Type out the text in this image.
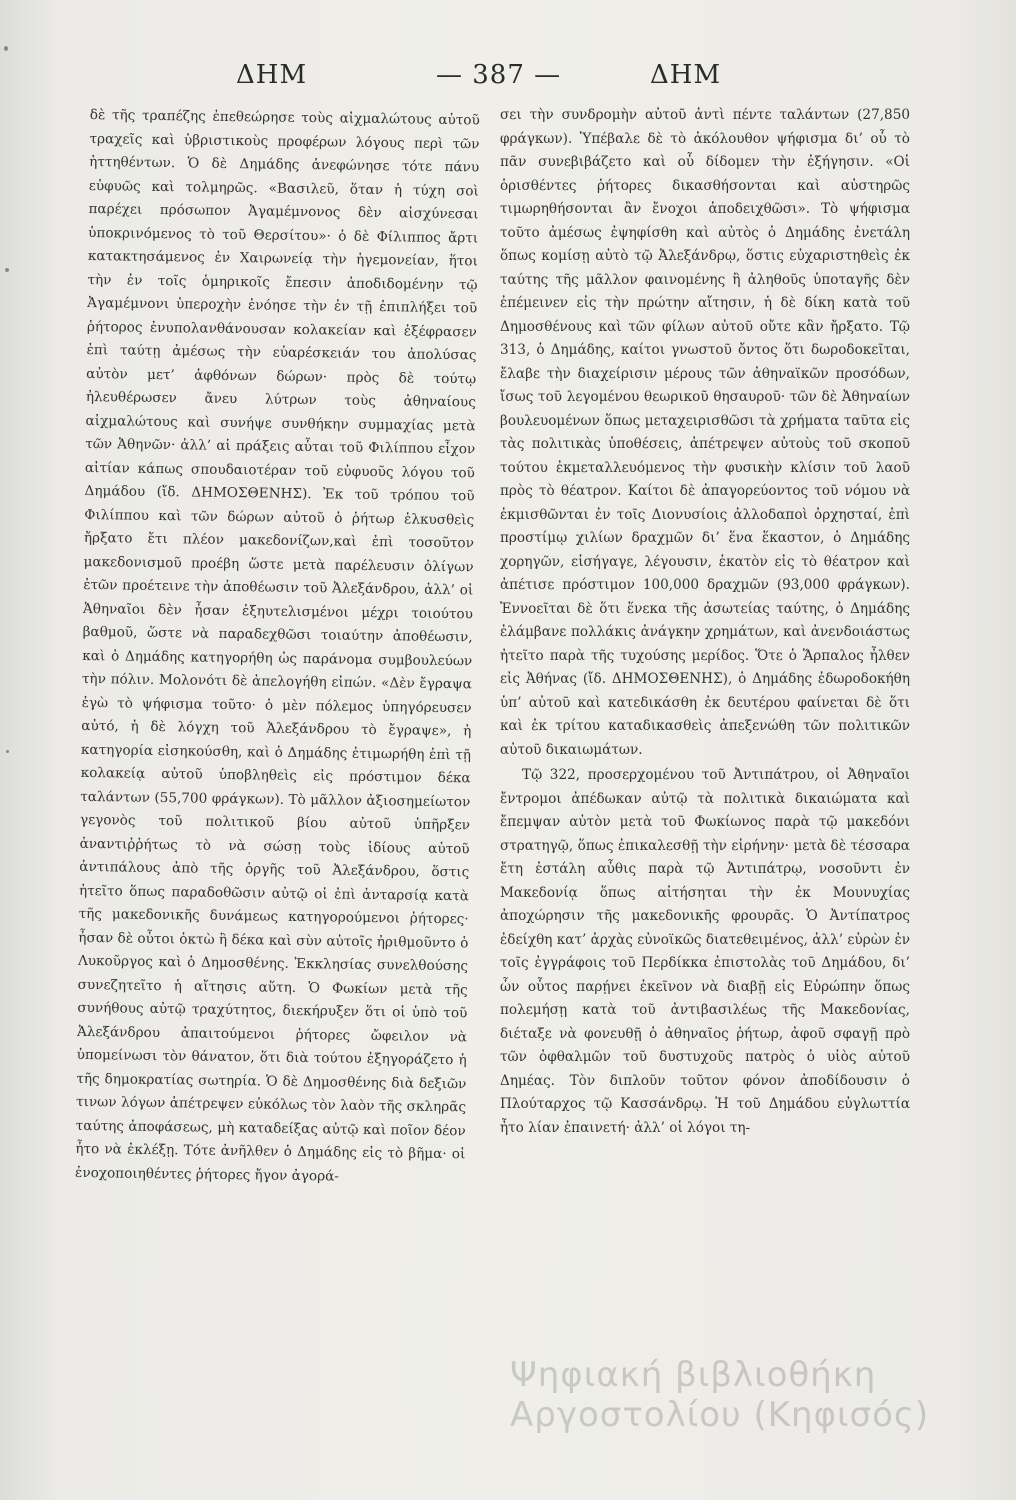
ΔΗΜ	— 387 —	ΔΗΜ

δὲ τῆς τραπέζης ἐπεθεώρησε τοὺς αἰχμαλώτους αὐτοῦ τραχεῖς καὶ ὑβριστικοὺς προφέρων λόγους περὶ τῶν ἡττηθέντων. Ὁ δὲ Δημάδης ἀνεφώνησε τότε πάνυ εὐφυῶς καὶ τολμηρῶς. «Βασιλεῦ, ὅταν ἡ τύχη σοὶ παρέχει πρόσωπον Ἀγαμέμνονος δὲν αἰσχύνεσαι ὑποκρινόμενος τὸ τοῦ Θερσίτου»· ὁ δὲ Φίλιππος ἄρτι κατακτησάμενος ἐν Χαιρωνείᾳ τὴν ἡγεμονείαν, ἥτοι τὴν ἐν τοῖς ὁμηρικοῖς ἔπεσιν ἀποδιδομένην τῷ Ἀγαμέμνονι ὑπεροχὴν ἐνόησε τὴν ἐν τῇ ἐπιπλήξει τοῦ ῥήτορος ἐνυπολανθάνουσαν κολακείαν καὶ ἐξέφρασεν ἐπὶ ταύτῃ ἀμέσως τὴν εὐαρέσκειάν του ἀπολύσας αὐτὸν μετ’ ἀφθόνων δώρων· πρὸς δὲ τούτῳ ἠλευθέρωσεν ἄνευ λύτρων τοὺς ἀθηναίους αἰχμαλώτους καὶ συνήψε συνθήκην συμμαχίας μετὰ τῶν Ἀθηνῶν· ἀλλ’ αἱ πράξεις αὗται τοῦ Φιλίππου εἶχον αἰτίαν κάπως σπουδαιοτέραν τοῦ εὐφυοῦς λόγου τοῦ Δημάδου (ἴδ. ΔΗΜΟΣΘΕΝΗΣ). Ἐκ τοῦ τρόπου τοῦ Φιλίππου καὶ τῶν δώρων αὐτοῦ ὁ ῥήτωρ ἑλκυσθεὶς ἤρξατο ἔτι πλέον μακεδονίζων,καὶ ἐπὶ τοσοῦτον μακεδονισμοῦ προέβη ὥστε μετὰ παρέλευσιν ὀλίγων ἐτῶν προέτεινε τὴν ἀποθέωσιν τοῦ Ἀλεξάνδρου, ἀλλ’ οἱ Ἀθηναῖοι δὲν ἦσαν ἐξηυτελισμένοι μέχρι τοιούτου βαθμοῦ, ὥστε νὰ παραδεχθῶσι τοιαύτην ἀποθέωσιν, καὶ ὁ Δημάδης κατηγορήθη ὡς παράνομα συμβουλεύων τὴν πόλιν. Μολονότι δὲ ἀπελογήθη εἰπών. «Δὲν ἔγραψα ἐγὼ τὸ ψήφισμα τοῦτο· ὁ μὲν πόλεμος ὑπηγόρευσεν αὐτό, ἡ δὲ λόγχη τοῦ Ἀλεξάνδρου τὸ ἔγραψε», ἡ κατηγορία εἰσηκούσθη, καὶ ὁ Δημάδης ἐτιμωρήθη ἐπὶ τῇ κολακείᾳ αὐτοῦ ὑποβληθεὶς εἰς πρόστιμον δέκα ταλάντων (55,700 φράγκων). Τὸ μᾶλλον ἀξιοσημείωτον γεγονὸς τοῦ πολιτικοῦ βίου αὐτοῦ ὑπῆρξεν ἀναντιῤῥήτως τὸ νὰ σώσῃ τοὺς ἰδίους αὐτοῦ ἀντιπάλους ἀπὸ τῆς ὀργῆς τοῦ Ἀλεξάνδρου, ὅστις ἠτεῖτο ὅπως παραδοθῶσιν αὐτῷ οἱ ἐπὶ ἀνταρσίᾳ κατὰ τῆς μακεδονικῆς δυνάμεως κατηγορούμενοι ῥήτορες· ἦσαν δὲ οὗτοι ὀκτὼ ἢ δέκα καὶ σὺν αὐτοῖς ἠριθμοῦντο ὁ Λυκοῦργος καὶ ὁ Δημοσθένης. Ἐκκλησίας συνελθούσης συνεζητεῖτο ἡ αἴτησις αὕτη. Ὁ Φωκίων μετὰ τῆς συνήθους αὐτῷ τραχύτητος, διεκήρυξεν ὅτι οἱ ὑπὸ τοῦ Ἀλεξάνδρου ἀπαιτούμενοι ῥήτορες ὤφειλον νὰ ὑπομείνωσι τὸν θάνατον, ὅτι διὰ τούτου ἐξηγοράζετο ἡ τῆς δημοκρατίας σωτηρία. Ὁ δὲ Δημοσθένης διὰ δεξιῶν τινων λόγων ἀπέτρεψεν εὐκόλως τὸν λαὸν τῆς σκληρᾶς ταύτης ἀποφάσεως, μὴ καταδείξας αὐτῷ καὶ ποῖον δέον ἦτο νὰ ἐκλέξῃ. Τότε ἀνῆλθεν ὁ Δημάδης εἰς τὸ βῆμα· οἱ ἐνοχοποιηθέντες ῥήτορες ἤγον ἀγορά-

σει τὴν συνδρομὴν αὐτοῦ ἀντὶ πέντε ταλάντων (27,850 φράγκων). Ὑπέβαλε δὲ τὸ ἀκόλουθον ψήφισμα δι’ οὗ τὸ πᾶν συνεβιβάζετο καὶ οὗ δίδομεν τὴν ἐξήγησιν. «Οἱ ὁρισθέντες ῥήτορες δικασθήσονται καὶ αὐστηρῶς τιμωρηθήσονται ἂν ἔνοχοι ἀποδειχθῶσι». Τὸ ψήφισμα τοῦτο ἀμέσως ἐψηφίσθη καὶ αὐτὸς ὁ Δημάδης ἐνετάλη ὅπως κομίσῃ αὐτὸ τῷ Ἀλεξάνδρῳ, ὅστις εὐχαριστηθεὶς ἐκ ταύτης τῆς μᾶλλον φαινομένης ἢ ἀληθοῦς ὑποταγῆς δὲν ἐπέμεινεν εἰς τὴν πρώτην αἴτησιν, ἡ δὲ δίκη κατὰ τοῦ Δημοσθένους καὶ τῶν φίλων αὐτοῦ οὔτε κἂν ἤρξατο. Τῷ 313, ὁ Δημάδης, καίτοι γνωστοῦ ὄντος ὅτι δωροδοκεῖται, ἔλαβε τὴν διαχείρισιν μέρους τῶν ἀθηναϊκῶν προσόδων, ἴσως τοῦ λεγομένου θεωρικοῦ θησαυροῦ· τῶν δὲ Ἀθηναίων βουλευομένων ὅπως μεταχειρισθῶσι τὰ χρήματα ταῦτα εἰς τὰς πολιτικὰς ὑποθέσεις, ἀπέτρεψεν αὐτοὺς τοῦ σκοποῦ τούτου ἐκμεταλλευόμενος τὴν φυσικὴν κλίσιν τοῦ λαοῦ πρὸς τὸ θέατρον. Καίτοι δὲ ἀπαγορεύοντος τοῦ νόμου νὰ ἐκμισθῶνται ἐν τοῖς Διονυσίοις ἀλλοδαποὶ ὀρχησταί, ἐπὶ προστίμῳ χιλίων δραχμῶν δι’ ἕνα ἕκαστον, ὁ Δημάδης χορηγῶν, εἰσήγαγε, λέγουσιν, ἑκατὸν εἰς τὸ θέατρον καὶ ἀπέτισε πρόστιμον 100,000 δραχμῶν (93,000 φράγκων). Ἐννοεῖται δὲ ὅτι ἕνεκα τῆς ἀσωτείας ταύτης, ὁ Δημάδης ἐλάμβανε πολλάκις ἀνάγκην χρημάτων, καὶ ἀνενδοιάστως ἠτεῖτο παρὰ τῆς τυχούσης μερίδος. Ὅτε ὁ Ἅρπαλος ἦλθεν εἰς Ἀθήνας (ἴδ. ΔΗΜΟΣΘΕΝΗΣ), ὁ Δημάδης ἐδωροδοκήθη ὑπ’ αὐτοῦ καὶ κατεδικάσθη ἐκ δευτέρου φαίνεται δὲ ὅτι καὶ ἐκ τρίτου καταδικασθεὶς ἀπεξενώθη τῶν πολιτικῶν αὐτοῦ δικαιωμάτων.

Τῷ 322, προσερχομένου τοῦ Ἀντιπάτρου, οἱ Ἀθηναῖοι ἔντρομοι ἀπέδωκαν αὐτῷ τὰ πολιτικὰ δικαιώματα καὶ ἔπεμψαν αὐτὸν μετὰ τοῦ Φωκίωνος παρὰ τῷ μακεδόνι στρατηγῷ, ὅπως ἐπικαλεσθῇ τὴν εἰρήνην· μετὰ δὲ τέσσαρα ἔτη ἐστάλη αὖθις παρὰ τῷ Ἀντιπάτρῳ, νοσοῦντι ἐν Μακεδονίᾳ ὅπως αἰτήσηται τὴν ἐκ Μουνυχίας ἀποχώρησιν τῆς μακεδονικῆς φρουρᾶς. Ὁ Ἀντίπατρος ἐδείχθη κατ’ ἀρχὰς εὐνοϊκῶς διατεθειμένος, ἀλλ’ εὑρὼν ἐν τοῖς ἐγγράφοις τοῦ Περδίκκα ἐπιστολὰς τοῦ Δημάδου, δι’ ὧν οὗτος παρῄνει ἐκεῖνον νὰ διαβῇ εἰς Εὐρώπην ὅπως πολεμήσῃ κατὰ τοῦ ἀντιβασιλέως τῆς Μακεδονίας, διέταξε νὰ φονευθῇ ὁ ἀθηναῖος ῥήτωρ, ἀφοῦ σφαγῇ πρὸ τῶν ὀφθαλμῶν τοῦ δυστυχοῦς πατρὸς ὁ υἱὸς αὐτοῦ Δημέας. Τὸν διπλοῦν τοῦτον φόνον ἀποδίδουσιν ὁ Πλούταρχος τῷ Κασσάνδρῳ. Ἡ τοῦ Δημάδου εὐγλωττία ἦτο λίαν ἐπαινετή· ἀλλ’ οἱ λόγοι τη-

Ψηφιακή βιβλιοθήκη
Αργοστολίου (Κηφισός)
